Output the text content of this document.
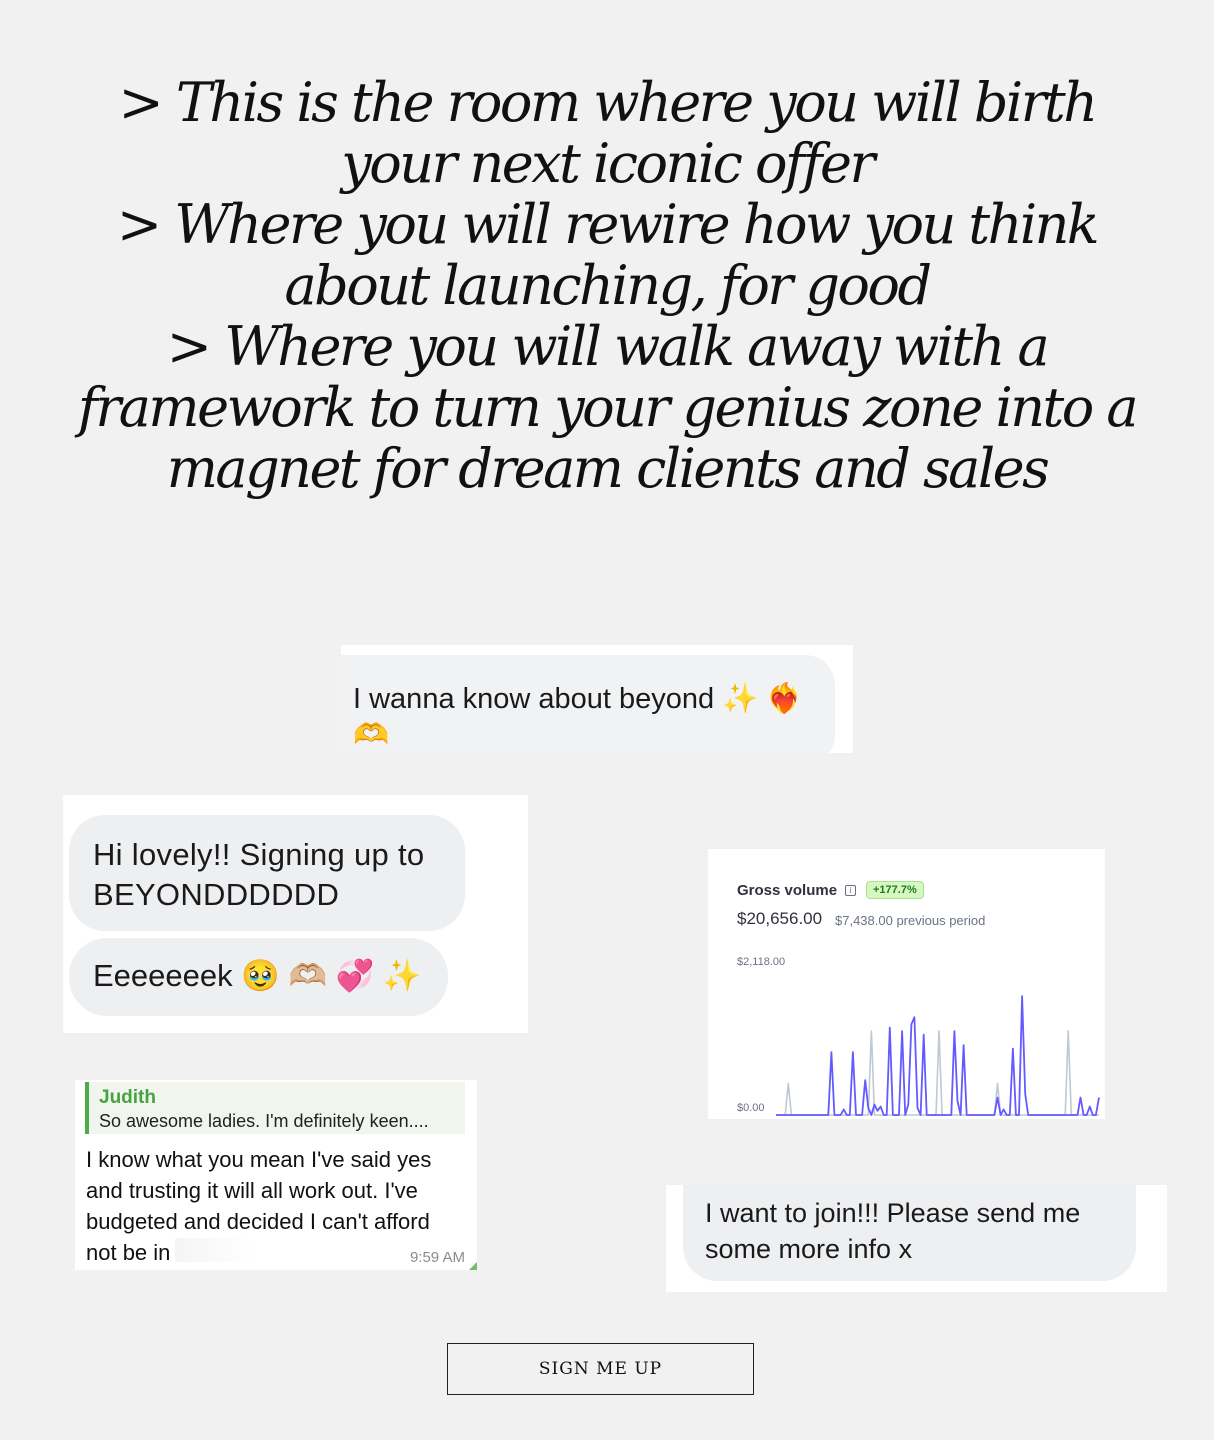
> This is the room where you will birth your next iconic offer

> Where you will rewire how you think about launching, for good

> Where you will walk away with a framework to turn your genius zone into a magnet for dream clients and sales

I wanna know about beyond ✨ ❤️‍🔥 🫶
Hi lovely!! Signing up to BEYONDDDDDD
Eeeeeeek 🥹 🫶🏼 💞 ✨
Judith
So awesome ladies. I'm definitely keen....
I know what you mean I've said yes and trusting it will all work out. I've budgeted and decided I can't afford not be in	9:59 AM
Gross volume	i	+177.7%
$20,656.00 $7,438.00 previous period
$2,118.00
$0.00
I want to join!!! Please send me some more info x
SIGN ME UP
